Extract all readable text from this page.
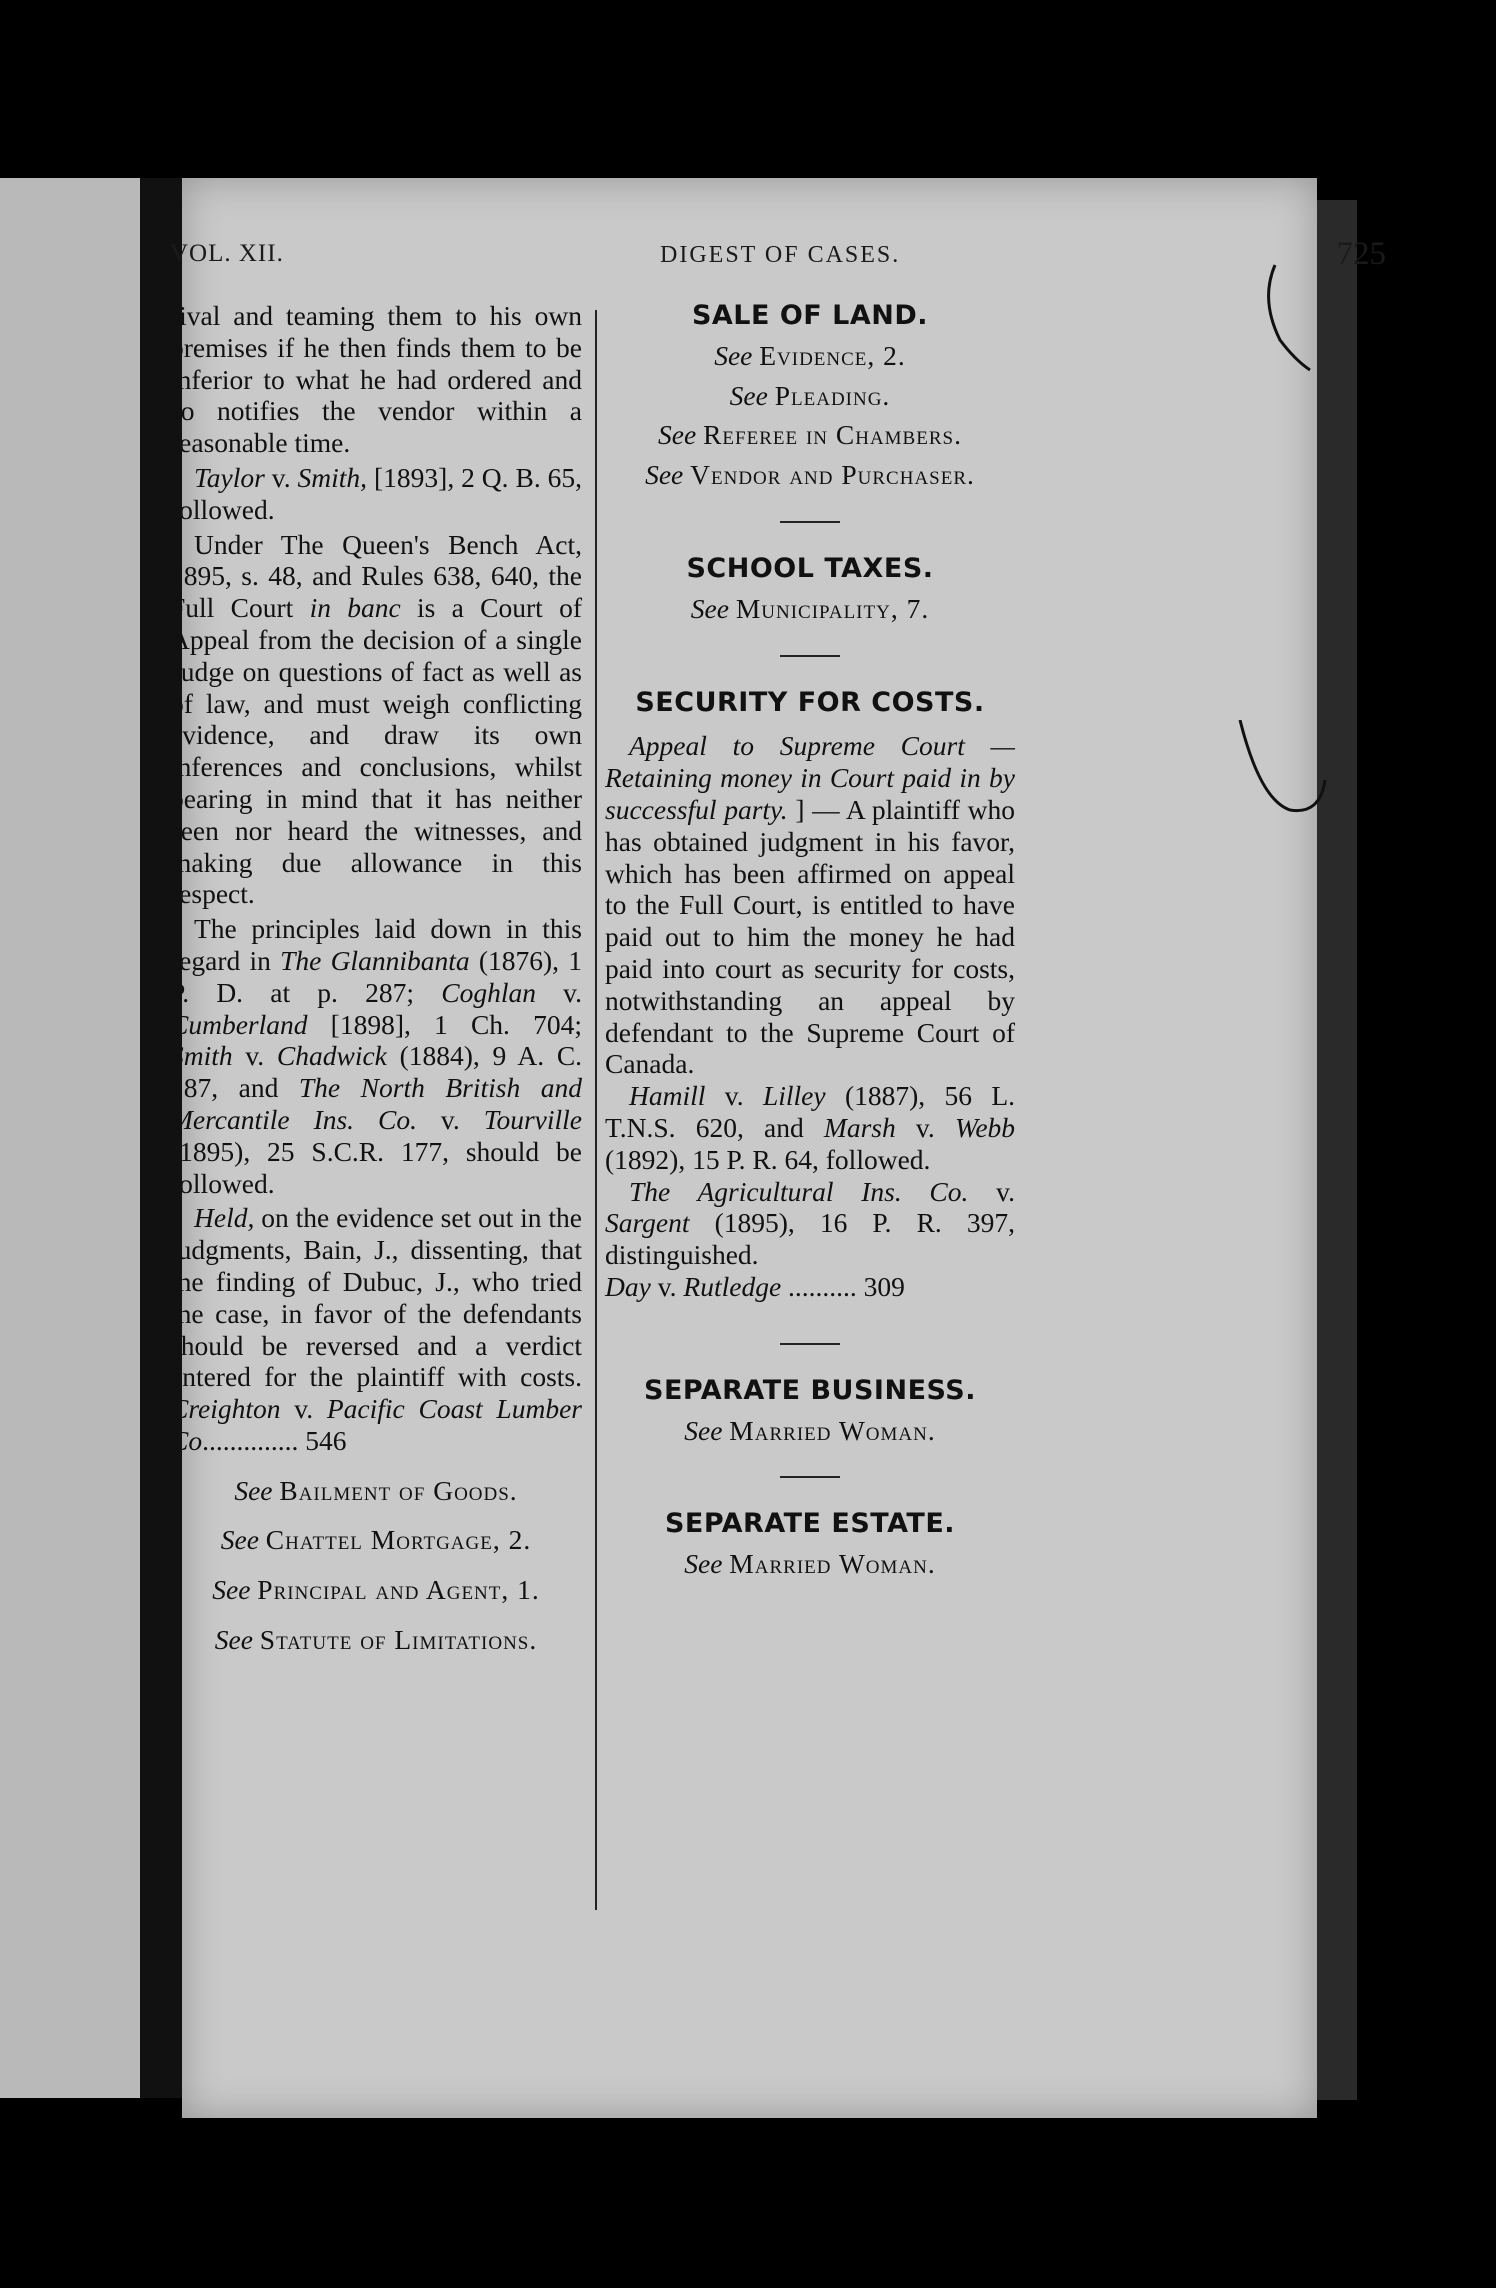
VOL. XII.	DIGEST OF CASES.	725

rival and teaming them to his own premises if he then finds them to be inferior to what he had ordered and so notifies the vendor within a reasonable time.

Taylor v. Smith, [1893], 2 Q. B. 65, followed.

Under The Queen's Bench Act, 1895, s. 48, and Rules 638, 640, the Full Court in banc is a Court of Appeal from the decision of a single Judge on questions of fact as well as of law, and must weigh conflicting evidence, and draw its own inferences and conclusions, whilst bearing in mind that it has neither seen nor heard the witnesses, and making due allowance in this respect.

The principles laid down in this regard in The Glannibanta (1876), 1 P. D. at p. 287; Coghlan v. Cumberland [1898], 1 Ch. 704; Smith v. Chadwick (1884), 9 A. C. 187, and The North British and Mercantile Ins. Co. v. Tourville (1895), 25 S.C.R. 177, should be followed.

Held, on the evidence set out in the judgments, Bain, J., dissenting, that the finding of Dubuc, J., who tried the case, in favor of the defendants should be reversed and a verdict entered for the plaintiff with costs. Creighton v. Pacific Coast Lumber Co.............. 546

See Bailment of Goods.

See Chattel Mortgage, 2.

See Principal and Agent, 1.

See Statute of Limitations.

SALE OF LAND.

See Evidence, 2.

See Pleading.

See Referee in Chambers.

See Vendor and Purchaser.

SCHOOL TAXES.

See Municipality, 7.

SECURITY FOR COSTS.

Appeal to Supreme Court — Retaining money in Court paid in by successful party. ] — A plaintiff who has obtained judgment in his favor, which has been affirmed on appeal to the Full Court, is entitled to have paid out to him the money he had paid into court as security for costs, notwithstanding an appeal by defendant to the Supreme Court of Canada.

Hamill v. Lilley (1887), 56 L. T.N.S. 620, and Marsh v. Webb (1892), 15 P. R. 64, followed.

The Agricultural Ins. Co. v. Sargent (1895), 16 P. R. 397, distinguished.

Day v. Rutledge .......... 309

SEPARATE BUSINESS.

See Married Woman.

SEPARATE ESTATE.

See Married Woman.
